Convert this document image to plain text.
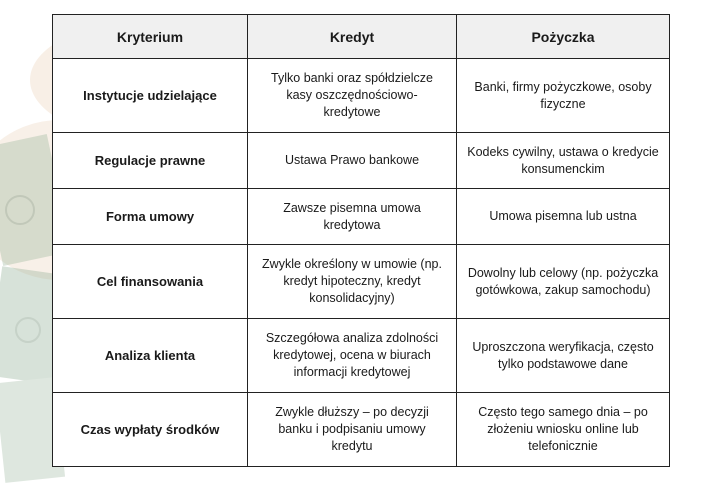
Kryterium	Kredyt	Pożyczka
Instytucje udzielające	Tylko banki oraz spółdzielcze kasy oszczędnościowo-kredytowe	Banki, firmy pożyczkowe, osoby fizyczne
Regulacje prawne	Ustawa Prawo bankowe	Kodeks cywilny, ustawa o kredycie konsumenckim
Forma umowy	Zawsze pisemna umowa kredytowa	Umowa pisemna lub ustna
Cel finansowania	Zwykle określony w umowie (np. kredyt hipoteczny, kredyt konsolidacyjny)	Dowolny lub celowy (np. pożyczka gotówkowa, zakup samochodu)
Analiza klienta	Szczegółowa analiza zdolności kredytowej, ocena w biurach informacji kredytowej	Uproszczona weryfikacja, często tylko podstawowe dane
Czas wypłaty środków	Zwykle dłuższy – po decyzji banku i podpisaniu umowy kredytu	Często tego samego dnia – po złożeniu wniosku online lub telefonicznie
